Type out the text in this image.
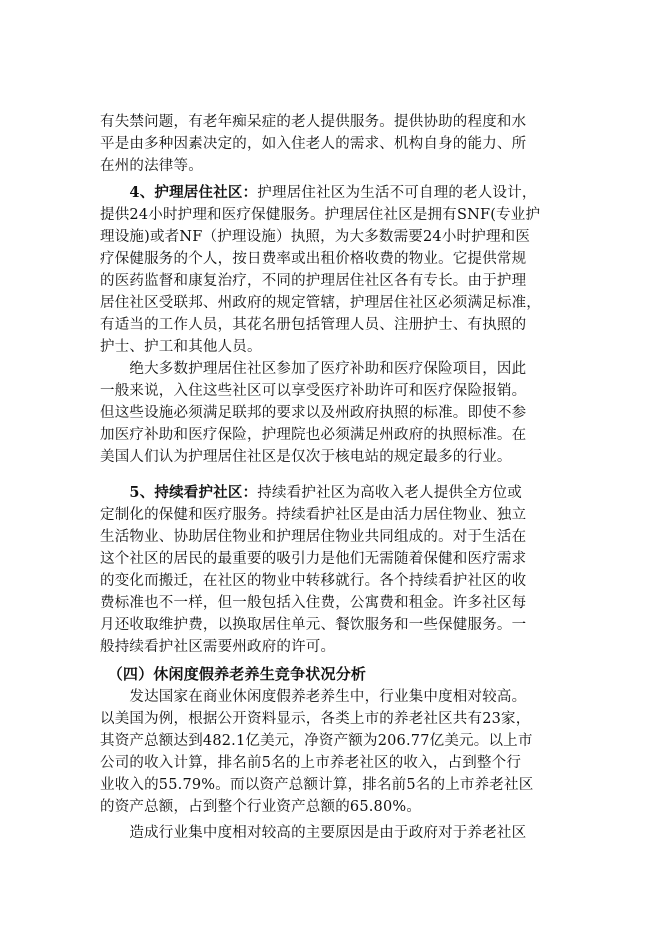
有失禁问题，有老年痴呆症的老人提供服务。提供协助的程度和水
平是由多种因素决定的，如入住老人的需求、机构自身的能力、所
在州的法律等。
　　4、护理居住社区：护理居住社区为生活不可自理的老人设计，
提供24小时护理和医疗保健服务。护理居住社区是拥有SNF(专业护
理设施)或者NF（护理设施）执照，为大多数需要24小时护理和医
疗保健服务的个人，按日费率或出租价格收费的物业。它提供常规
的医药监督和康复治疗，不同的护理居住社区各有专长。由于护理
居住社区受联邦、州政府的规定管辖，护理居住社区必须满足标准，
有适当的工作人员，其花名册包括管理人员、注册护士、有执照的
护士、护工和其他人员。
　　绝大多数护理居住社区参加了医疗补助和医疗保险项目，因此
一般来说，入住这些社区可以享受医疗补助许可和医疗保险报销。
但这些设施必须满足联邦的要求以及州政府执照的标准。即使不参
加医疗补助和医疗保险，护理院也必须满足州政府的执照标准。在
美国人们认为护理居住社区是仅次于核电站的规定最多的行业。
　　5、持续看护社区：持续看护社区为高收入老人提供全方位或
定制化的保健和医疗服务。持续看护社区是由活力居住物业、独立
生活物业、协助居住物业和护理居住物业共同组成的。对于生活在
这个社区的居民的最重要的吸引力是他们无需随着保健和医疗需求
的变化而搬迁，在社区的物业中转移就行。各个持续看护社区的收
费标准也不一样，但一般包括入住费，公寓费和租金。许多社区每
月还收取维护费，以换取居住单元、餐饮服务和一些保健服务。一
般持续看护社区需要州政府的许可。
　（四）休闲度假养老养生竞争状况分析
　　发达国家在商业休闲度假养老养生中，行业集中度相对较高。
以美国为例，根据公开资料显示，各类上市的养老社区共有23家，
其资产总额达到482.1亿美元，净资产额为206.77亿美元。以上市
公司的收入计算，排名前5名的上市养老社区的收入，占到整个行
业收入的55.79%。而以资产总额计算，排名前5名的上市养老社区
的资产总额，占到整个行业资产总额的65.80%。
　　造成行业集中度相对较高的主要原因是由于政府对于养老社区
